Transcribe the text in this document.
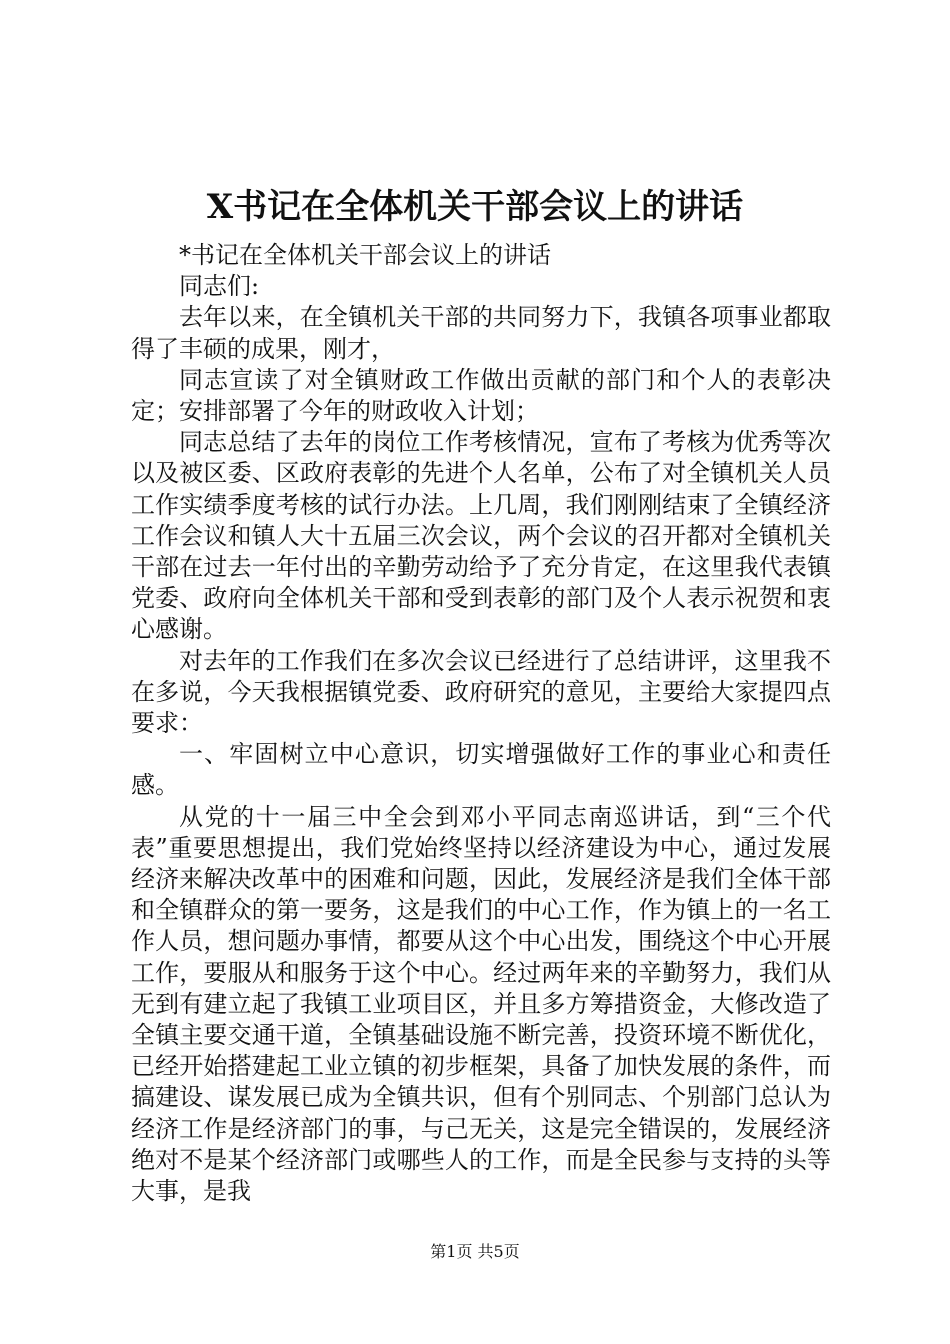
X书记在全体机关干部会议上的讲话

*书记在全体机关干部会议上的讲话

同志们:

去年以来，在全镇机关干部的共同努力下，我镇各项事业都取得了丰硕的成果，刚才，

同志宣读了对全镇财政工作做出贡献的部门和个人的表彰决定；安排部署了今年的财政收入计划；

同志总结了去年的岗位工作考核情况，宣布了考核为优秀等次以及被区委、区政府表彰的先进个人名单，公布了对全镇机关人员工作实绩季度考核的试行办法。上几周，我们刚刚结束了全镇经济工作会议和镇人大十五届三次会议，两个会议的召开都对全镇机关干部在过去一年付出的辛勤劳动给予了充分肯定，在这里我代表镇党委、政府向全体机关干部和受到表彰的部门及个人表示祝贺和衷心感谢。

对去年的工作我们在多次会议已经进行了总结讲评，这里我不在多说，今天我根据镇党委、政府研究的意见，主要给大家提四点要求：

一、牢固树立中心意识，切实增强做好工作的事业心和责任感。

从党的十一届三中全会到邓小平同志南巡讲话，到“三个代表”重要思想提出，我们党始终坚持以经济建设为中心，通过发展经济来解决改革中的困难和问题，因此，发展经济是我们全体干部和全镇群众的第一要务，这是我们的中心工作，作为镇上的一名工作人员，想问题办事情，都要从这个中心出发，围绕这个中心开展工作，要服从和服务于这个中心。经过两年来的辛勤努力，我们从无到有建立起了我镇工业项目区，并且多方筹措资金，大修改造了全镇主要交通干道，全镇基础设施不断完善，投资环境不断优化，已经开始搭建起工业立镇的初步框架，具备了加快发展的条件，而搞建设、谋发展已成为全镇共识，但有个别同志、个别部门总认为经济工作是经济部门的事，与己无关，这是完全错误的，发展经济绝对不是某个经济部门或哪些人的工作，而是全民参与支持的头等大事，是我

第1页 共5页
